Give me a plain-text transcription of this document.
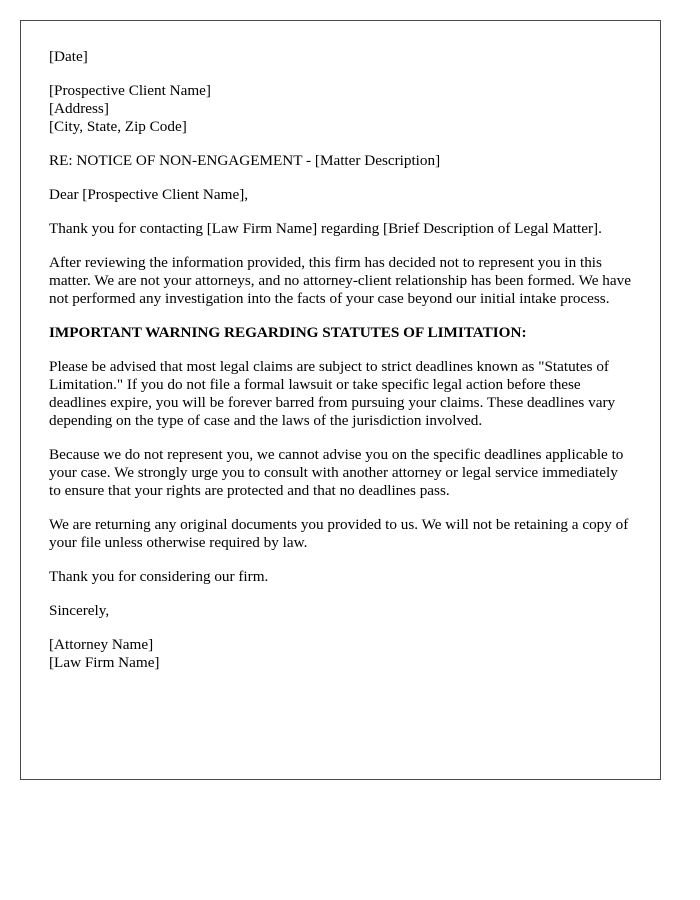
[Date]
[Prospective Client Name]
[Address]
[City, State, Zip Code]

RE: NOTICE OF NON-ENGAGEMENT - [Matter Description]

Dear [Prospective Client Name],

Thank you for contacting [Law Firm Name] regarding [Brief Description of Legal Matter].

After reviewing the information provided, this firm has decided not to represent you in this matter. We are not your attorneys, and no attorney-client relationship has been formed. We have not performed any investigation into the facts of your case beyond our initial intake process.

IMPORTANT WARNING REGARDING STATUTES OF LIMITATION:

Please be advised that most legal claims are subject to strict deadlines known as "Statutes of Limitation." If you do not file a formal lawsuit or take specific legal action before these deadlines expire, you will be forever barred from pursuing your claims. These deadlines vary depending on the type of case and the laws of the jurisdiction involved.

Because we do not represent you, we cannot advise you on the specific deadlines applicable to your case. We strongly urge you to consult with another attorney or legal service immediately to ensure that your rights are protected and that no deadlines pass.

We are returning any original documents you provided to us. We will not be retaining a copy of your file unless otherwise required by law.

Thank you for considering our firm.

Sincerely,

[Attorney Name]
[Law Firm Name]
